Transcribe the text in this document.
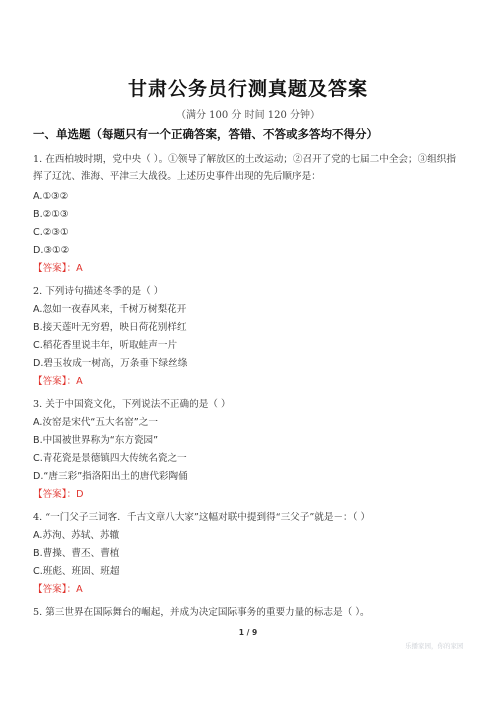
甘肃公务员行测真题及答案
（满分 100 分 时间 120 分钟）
一、单选题（每题只有一个正确答案，答错、不答或多答均不得分）
1. 在西柏坡时期，党中央（ ）。①领导了解放区的土改运动；②召开了党的七届二中全会；③组织指挥了辽沈、淮海、平津三大战役。上述历史事件出现的先后顺序是：
A.①③②
B.②①③
C.②③①
D.③①②
【答案】：A
2. 下列诗句描述冬季的是（ ）
A.忽如一夜春风来，千树万树梨花开
B.接天莲叶无穷碧，映日荷花别样红
C.稻花香里说丰年，听取蛙声一片
D.碧玉妆成一树高，万条垂下绿丝绦
【答案】：A
3. 关于中国瓷文化，下列说法不正确的是（ ）
A.汝窑是宋代“五大名窑”之一
B.中国被世界称为“东方瓷园”
C.青花瓷是景德镇四大传统名瓷之一
D.“唐三彩”指洛阳出土的唐代彩陶俑
【答案】：D
4. “一门父子三词客．千古文章八大家”这幅对联中提到得“三父子”就是－：（ ）
A.苏洵、苏轼、苏辙
B.曹操、曹丕、曹植
C.班彪、班固、班超
【答案】：A
5. 第三世界在国际舞台的崛起，并成为决定国际事务的重要力量的标志是（ ）。
1 / 9
乐播家园，你的家园
